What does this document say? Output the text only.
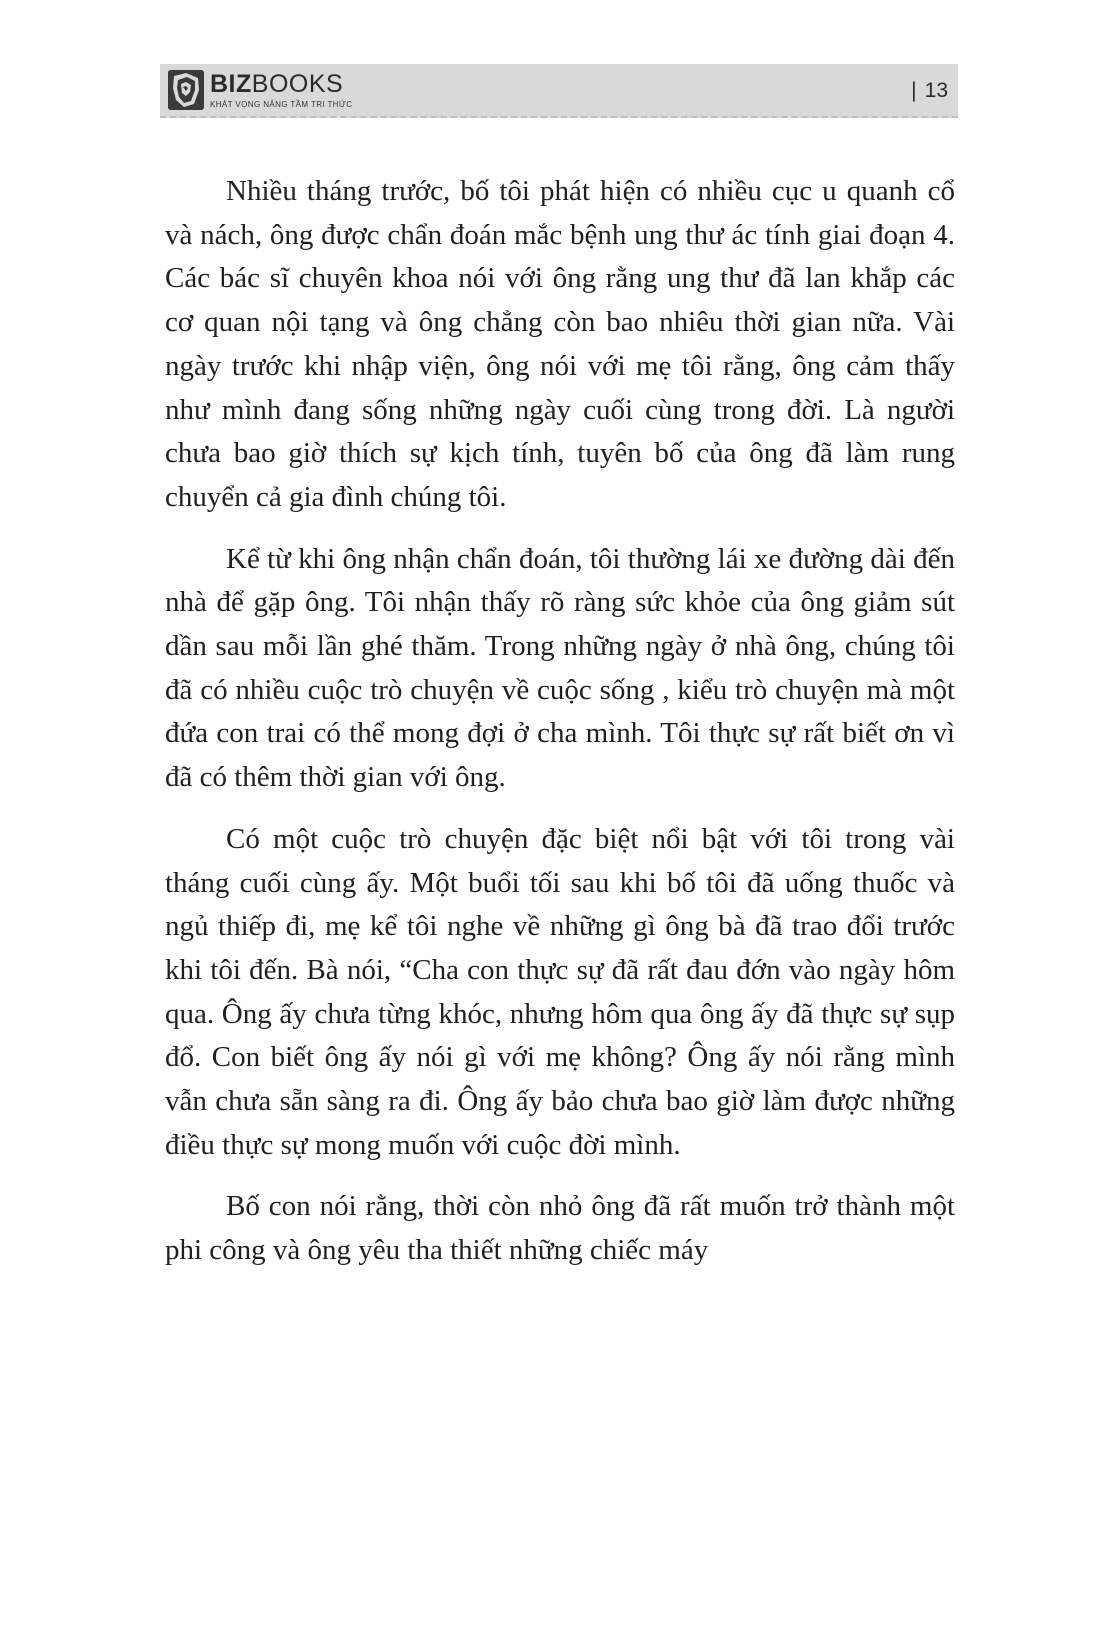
BIZBOOKS
KHÁT VỌNG NÂNG TẦM TRI THỨC
| 13

Nhiều tháng trước, bố tôi phát hiện có nhiều cục u quanh cổ và nách, ông được chẩn đoán mắc bệnh ung thư ác tính giai đoạn 4. Các bác sĩ chuyên khoa nói với ông rằng ung thư đã lan khắp các cơ quan nội tạng và ông chẳng còn bao nhiêu thời gian nữa. Vài ngày trước khi nhập viện, ông nói với mẹ tôi rằng, ông cảm thấy như mình đang sống những ngày cuối cùng trong đời. Là người chưa bao giờ thích sự kịch tính, tuyên bố của ông đã làm rung chuyển cả gia đình chúng tôi.

Kể từ khi ông nhận chẩn đoán, tôi thường lái xe đường dài đến nhà để gặp ông. Tôi nhận thấy rõ ràng sức khỏe của ông giảm sút dần sau mỗi lần ghé thăm. Trong những ngày ở nhà ông, chúng tôi đã có nhiều cuộc trò chuyện về cuộc sống , kiểu trò chuyện mà một đứa con trai có thể mong đợi ở cha mình. Tôi thực sự rất biết ơn vì đã có thêm thời gian với ông.

Có một cuộc trò chuyện đặc biệt nổi bật với tôi trong vài tháng cuối cùng ấy. Một buổi tối sau khi bố tôi đã uống thuốc và ngủ thiếp đi, mẹ kể tôi nghe về những gì ông bà đã trao đổi trước khi tôi đến. Bà nói, “Cha con thực sự đã rất đau đớn vào ngày hôm qua. Ông ấy chưa từng khóc, nhưng hôm qua ông ấy đã thực sự sụp đổ. Con biết ông ấy nói gì với mẹ không? Ông ấy nói rằng mình vẫn chưa sẵn sàng ra đi. Ông ấy bảo chưa bao giờ làm được những điều thực sự mong muốn với cuộc đời mình.

Bố con nói rằng, thời còn nhỏ ông đã rất muốn trở thành một phi công và ông yêu tha thiết những chiếc máy
